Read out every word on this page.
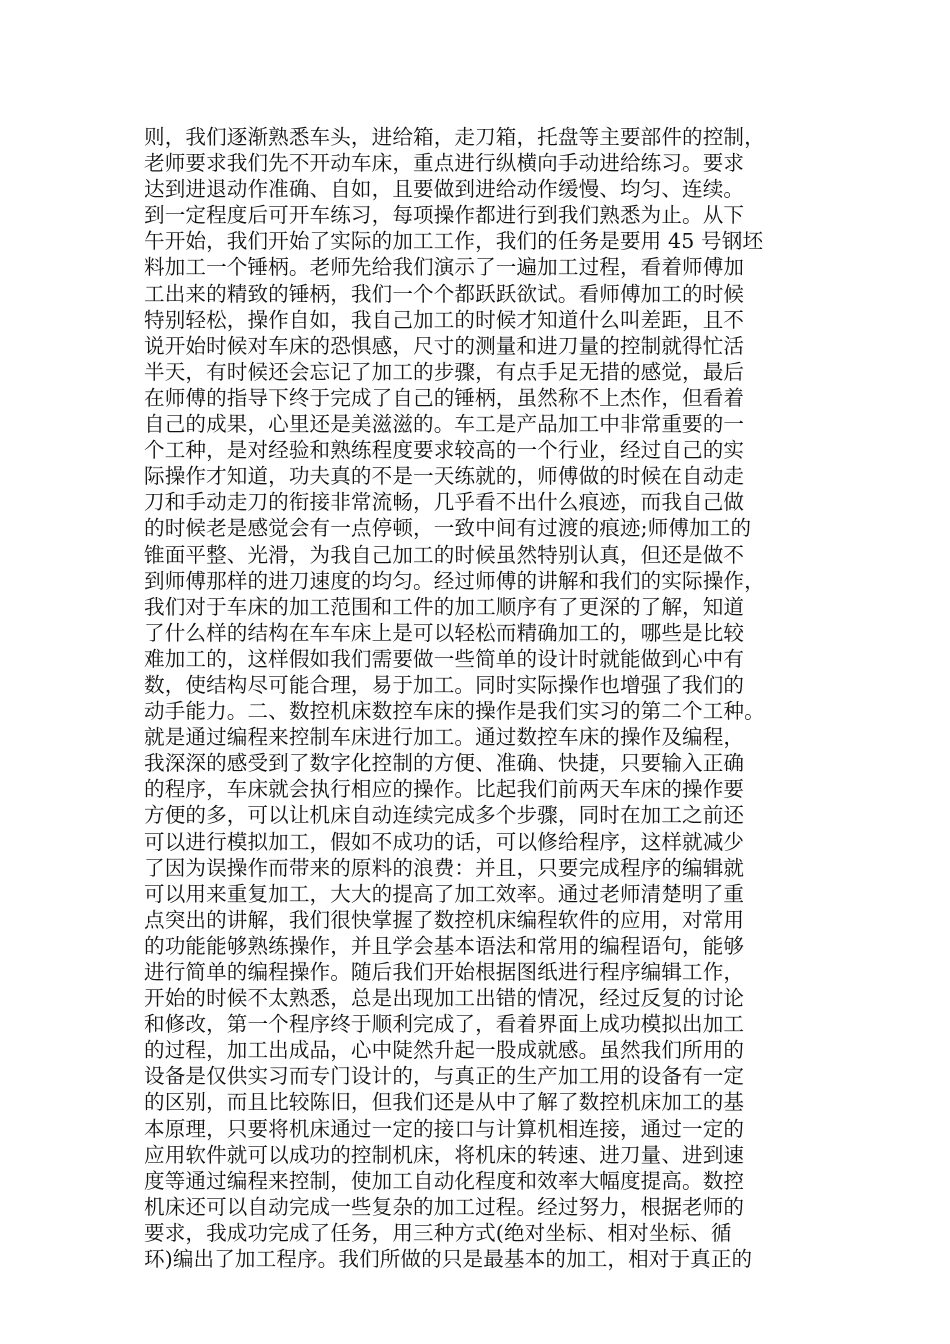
则，我们逐渐熟悉车头，进给箱，走刀箱，托盘等主要部件的控制，
老师要求我们先不开动车床，重点进行纵横向手动进给练习。要求
达到进退动作准确、自如，且要做到进给动作缓慢、均匀、连续。
到一定程度后可开车练习，每项操作都进行到我们熟悉为止。从下
午开始，我们开始了实际的加工工作，我们的任务是要用 45 号钢坯
料加工一个锤柄。老师先给我们演示了一遍加工过程，看着师傅加
工出来的精致的锤柄，我们一个个都跃跃欲试。看师傅加工的时候
特别轻松，操作自如，我自己加工的时候才知道什么叫差距，且不
说开始时候对车床的恐惧感，尺寸的测量和进刀量的控制就得忙活
半天，有时候还会忘记了加工的步骤，有点手足无措的感觉，最后
在师傅的指导下终于完成了自己的锤柄，虽然称不上杰作，但看着
自己的成果，心里还是美滋滋的。车工是产品加工中非常重要的一
个工种，是对经验和熟练程度要求较高的一个行业，经过自己的实
际操作才知道，功夫真的不是一天练就的，师傅做的时候在自动走
刀和手动走刀的衔接非常流畅，几乎看不出什么痕迹，而我自己做
的时候老是感觉会有一点停顿，一致中间有过渡的痕迹;师傅加工的
锥面平整、光滑，为我自己加工的时候虽然特别认真，但还是做不
到师傅那样的进刀速度的均匀。经过师傅的讲解和我们的实际操作，
我们对于车床的加工范围和工件的加工顺序有了更深的了解，知道
了什么样的结构在车车床上是可以轻松而精确加工的，哪些是比较
难加工的，这样假如我们需要做一些简单的设计时就能做到心中有
数，使结构尽可能合理，易于加工。同时实际操作也增强了我们的
动手能力。二、数控机床数控车床的操作是我们实习的第二个工种。
就是通过编程来控制车床进行加工。通过数控车床的操作及编程，
我深深的感受到了数字化控制的方便、准确、快捷，只要输入正确
的程序，车床就会执行相应的操作。比起我们前两天车床的操作要
方便的多，可以让机床自动连续完成多个步骤，同时在加工之前还
可以进行模拟加工，假如不成功的话，可以修给程序，这样就减少
了因为误操作而带来的原料的浪费：并且，只要完成程序的编辑就
可以用来重复加工，大大的提高了加工效率。通过老师清楚明了重
点突出的讲解，我们很快掌握了数控机床编程软件的应用，对常用
的功能能够熟练操作，并且学会基本语法和常用的编程语句，能够
进行简单的编程操作。随后我们开始根据图纸进行程序编辑工作，
开始的时候不太熟悉，总是出现加工出错的情况，经过反复的讨论
和修改，第一个程序终于顺利完成了，看着界面上成功模拟出加工
的过程，加工出成品，心中陡然升起一股成就感。虽然我们所用的
设备是仅供实习而专门设计的，与真正的生产加工用的设备有一定
的区别，而且比较陈旧，但我们还是从中了解了数控机床加工的基
本原理，只要将机床通过一定的接口与计算机相连接，通过一定的
应用软件就可以成功的控制机床，将机床的转速、进刀量、进到速
度等通过编程来控制，使加工自动化程度和效率大幅度提高。数控
机床还可以自动完成一些复杂的加工过程。经过努力，根据老师的
要求，我成功完成了任务，用三种方式(绝对坐标、相对坐标、循
环)编出了加工程序。我们所做的只是最基本的加工，相对于真正的
